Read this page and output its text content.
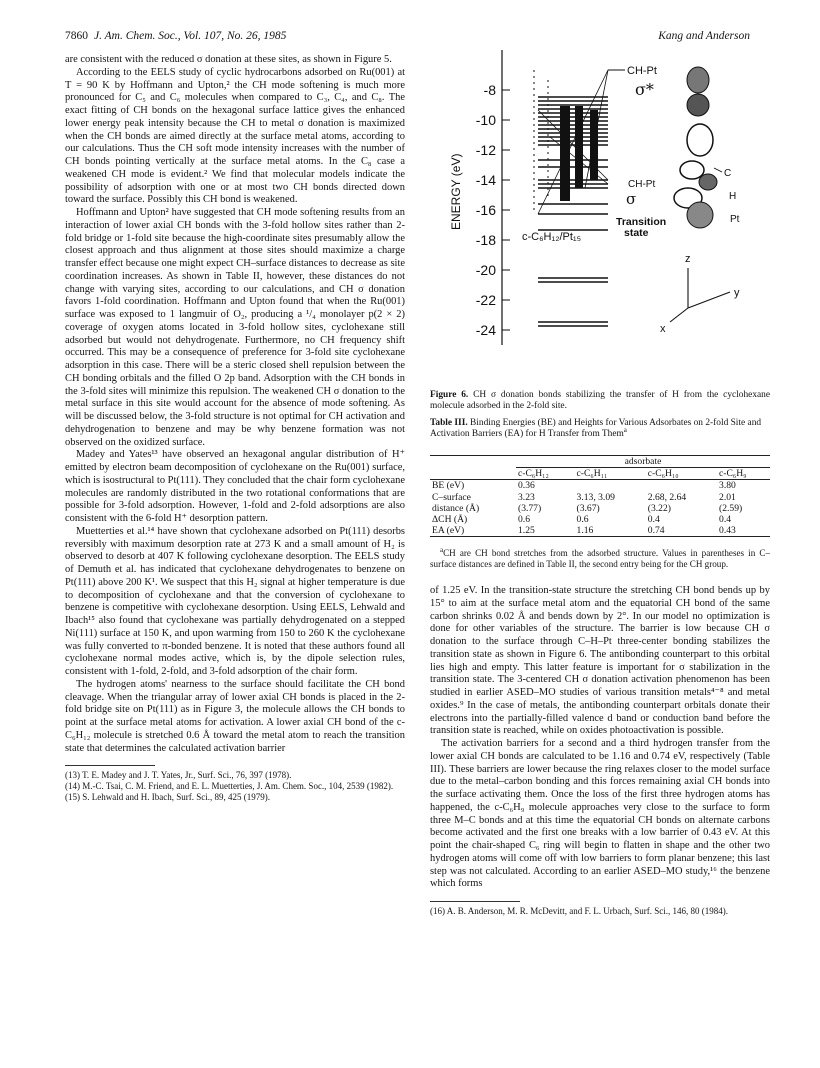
7860 J. Am. Chem. Soc., Vol. 107, No. 26, 1985	Kang and Anderson

are consistent with the reduced σ donation at these sites, as shown in Figure 5.

According to the EELS study of cyclic hydrocarbons adsorbed on Ru(001) at T = 90 K by Hoffmann and Upton,² the CH mode softening is much more pronounced for C₅ and C₆ molecules when compared to C₃, C₄, and C₈. The exact fitting of CH bonds on the hexagonal surface lattice gives the enhanced lower energy peak intensity because the CH to metal σ donation is maximized when the CH bonds are aimed directly at the surface metal atoms, according to our calculations. Thus the CH soft mode intensity increases with the number of CH bonds pointing vertically at the surface metal atoms. In the C₈ case a weakened CH mode is evident.² We find that molecular models indicate the possibility of adsorption with one or at most two CH bonds directed down toward the surface. Possibly this CH bond is weakened.

Hoffmann and Upton² have suggested that CH mode softening results from an interaction of lower axial CH bonds with the 3-fold hollow sites rather than 2-fold bridge or 1-fold site because the high-coordinate sites presumably allow the closest approach and thus alignment at those sites should maximize a charge transfer effect because one might expect CH–surface distances to decrease as site coordination increases. As shown in Table II, however, these distances do not change with varying sites, according to our calculations, and CH σ donation favors 1-fold coordination. Hoffmann and Upton found that when the Ru(001) surface was exposed to 1 langmuir of O₂, producing a ¹/₄ monolayer p(2 × 2) coverage of oxygen atoms located in 3-fold hollow sites, cyclohexane still adsorbed but would not dehydrogenate. Furthermore, no CH frequency shift occurred. This may be a consequence of preference for 3-fold site cyclohexane adsorption in this case. There will be a steric closed shell repulsion between the CH bonding orbitals and the filled O 2p band. Adsorption with the CH bonds in the 3-fold sites will minimize this repulsion. The weakened CH σ donation to the metal surface in this site would account for the absence of mode softening. As will be discussed below, the 3-fold structure is not optimal for CH activation and dehydrogenation to benzene and may be why benzene formation was not observed on the oxidized surface.

Madey and Yates¹³ have observed an hexagonal angular distribution of H⁺ emitted by electron beam decomposition of cyclohexane on the Ru(001) surface, which is isostructural to Pt(111). They concluded that the chair form cyclohexane molecules are randomly distributed in the two rotational conformations that are possible for 3-fold adsorption. However, 1-fold and 2-fold adsorptions are also consistent with the 6-fold H⁺ desorption pattern.

Muetterties et al.¹⁴ have shown that cyclohexane adsorbed on Pt(111) desorbs reversibly with maximum desorption rate at 273 K and a small amount of H₂ is observed to desorb at 407 K following cyclohexane desorption. The EELS study of Demuth et al. has indicated that cyclohexane dehydrogenates to benzene on Pt(111) above 200 K¹. We suspect that this H₂ signal at higher temperature is due to decomposition of cyclohexane and that the conversion of cyclohexane to benzene is competitive with cyclohexane desorption. Using EELS, Lehwald and Ibach¹⁵ also found that cyclohexane was partially dehydrogenated on a stepped Ni(111) surface at 150 K, and upon warming from 150 to 260 K the cyclohexane was fully converted to π-bonded benzene. It is noted that these authors found all cyclohexane normal modes active, which is, by the dipole selection rules, consistent with 1-fold, 2-fold, and 3-fold adsorption of the chair form.

The hydrogen atoms' nearness to the surface should facilitate the CH bond cleavage. When the triangular array of lower axial CH bonds is placed in the 2-fold bridge site on Pt(111) as in Figure 3, the molecule allows the CH bonds to point at the surface metal atoms for activation. A lower axial CH bond of the c-C₆H₁₂ molecule is stretched 0.6 Å toward the metal atom to reach the transition state that determines the calculated activation barrier

(13) T. E. Madey and J. T. Yates, Jr., Surf. Sci., 76, 397 (1978).

(14) M.-C. Tsai, C. M. Friend, and E. L. Muetterties, J. Am. Chem. Soc., 104, 2539 (1982).

(15) S. Lehwald and H. Ibach, Surf. Sci., 89, 425 (1979).

-8
-10
-12
-14
-16
-18
-20
-22
-24
ENERGY (eV)
CH-Pt
σ*
CH-Pt
σ
c-C₆H₁₂/Pt₁₅
Transition
state
C
H
Pt
z
y
x
Figure 6. CH σ donation bonds stabilizing the transfer of H from the cyclohexane molecule adsorbed in the 2-fold site.
Table III. Binding Energies (BE) and Heights for Various Adsorbates on 2-fold Site and Activation Barriers (EA) for H Transfer from Them$^a$
	adsorbate			
	c-C₆H₁₂	c-C₆H₁₁	c-C₆H₁₀	c-C₆H₉
BE (eV)	0.36			3.80
C–surface	3.23	3.13, 3.09	2.68, 2.64	2.01
distance (Å)	(3.77)	(3.67)	(3.22)	(2.59)
ΔCH (Å)	0.6	0.6	0.4	0.4
EA (eV)	1.25	1.16	0.74	0.43

$^a$CH are CH bond stretches from the adsorbed structure. Values in parentheses in C–surface distances are defined in Table II, the second entry being for the CH group.

of 1.25 eV. In the transition-state structure the stretching CH bond bends up by 15° to aim at the surface metal atom and the equatorial CH bond of the same carbon shrinks 0.02 Å and bends down by 2°. In our model no optimization is done for other variables of the structure. The barrier is low because CH σ donation to the surface through C–H–Pt three-center bonding stabilizes the transition state as shown in Figure 6. The antibonding counterpart to this orbital lies high and empty. This latter feature is important for σ stabilization in the transition state. The 3-centered CH σ donation activation phenomenon has been studied in earlier ASED–MO studies of various transition metals⁴⁻⁸ and metal oxides.⁹ In the case of metals, the antibonding counterpart orbitals donate their electrons into the partially-filled valence d band or conduction band before the transition state is reached, while on oxides photoactivation is possible.

The activation barriers for a second and a third hydrogen transfer from the lower axial CH bonds are calculated to be 1.16 and 0.74 eV, respectively (Table III). These barriers are lower because the ring relaxes closer to the model surface due to the metal–carbon bonding and this forces remaining axial CH bonds into the surface activating them. Once the loss of the first three hydrogen atoms has happened, the c-C₆H₉ molecule approaches very close to the surface to form three M–C bonds and at this time the equatorial CH bonds on alternate carbons become activated and the first one breaks with a low barrier of 0.43 eV. At this point the chair-shaped C₆ ring will begin to flatten in shape and the other two hydrogen atoms will come off with low barriers to form planar benzene; this last step was not calculated. According to an earlier ASED–MO study,¹⁶ the benzene which forms

(16) A. B. Anderson, M. R. McDevitt, and F. L. Urbach, Surf. Sci., 146, 80 (1984).
